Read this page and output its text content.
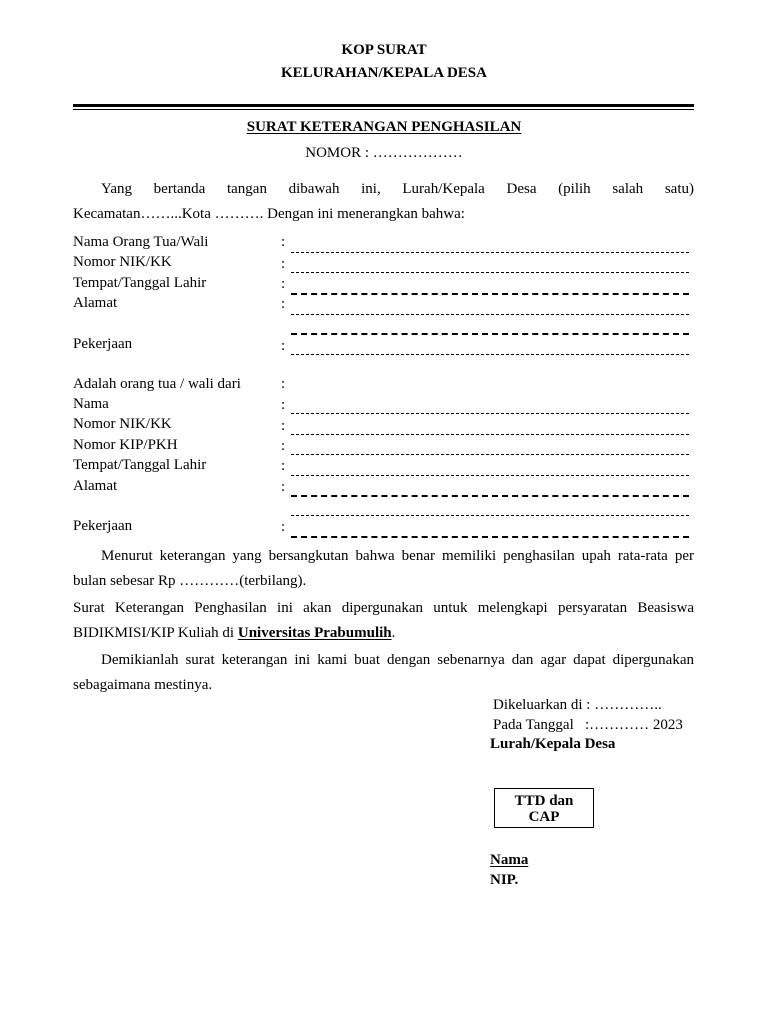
KOP SURAT
KELURAHAN/KEPALA DESA
SURAT KETERANGAN PENGHASILAN
NOMOR : ………………
Yang bertanda tangan dibawah ini, Lurah/Kepala Desa (pilih salah satu)
Kecamatan……...Kota ………. Dengan ini menerangkan bahwa:
Nama Orang Tua/Wali	:
Nomor NIK/KK	:
Tempat/Tanggal Lahir	:
Alamat	:
Pekerjaan	:
Adalah orang tua / wali dari	:
Nama	:
Nomor NIK/KK	:
Nomor KIP/PKH	:
Tempat/Tanggal Lahir	:
Alamat	:
Pekerjaan	:
Menurut keterangan yang bersangkutan bahwa benar memiliki penghasilan upah rata-rata per
bulan sebesar Rp …………(terbilang).
Surat Keterangan Penghasilan ini akan dipergunakan untuk melengkapi persyaratan Beasiswa
BIDIKMISI/KIP Kuliah di Universitas Prabumulih.
Demikianlah surat keterangan ini kami buat dengan sebenarnya dan agar dapat dipergunakan
sebagaimana mestinya.
Dikeluarkan di : …………..
Pada Tanggal   :………… 2023
Lurah/Kepala Desa
TTD dan
CAP
Nama
NIP.
